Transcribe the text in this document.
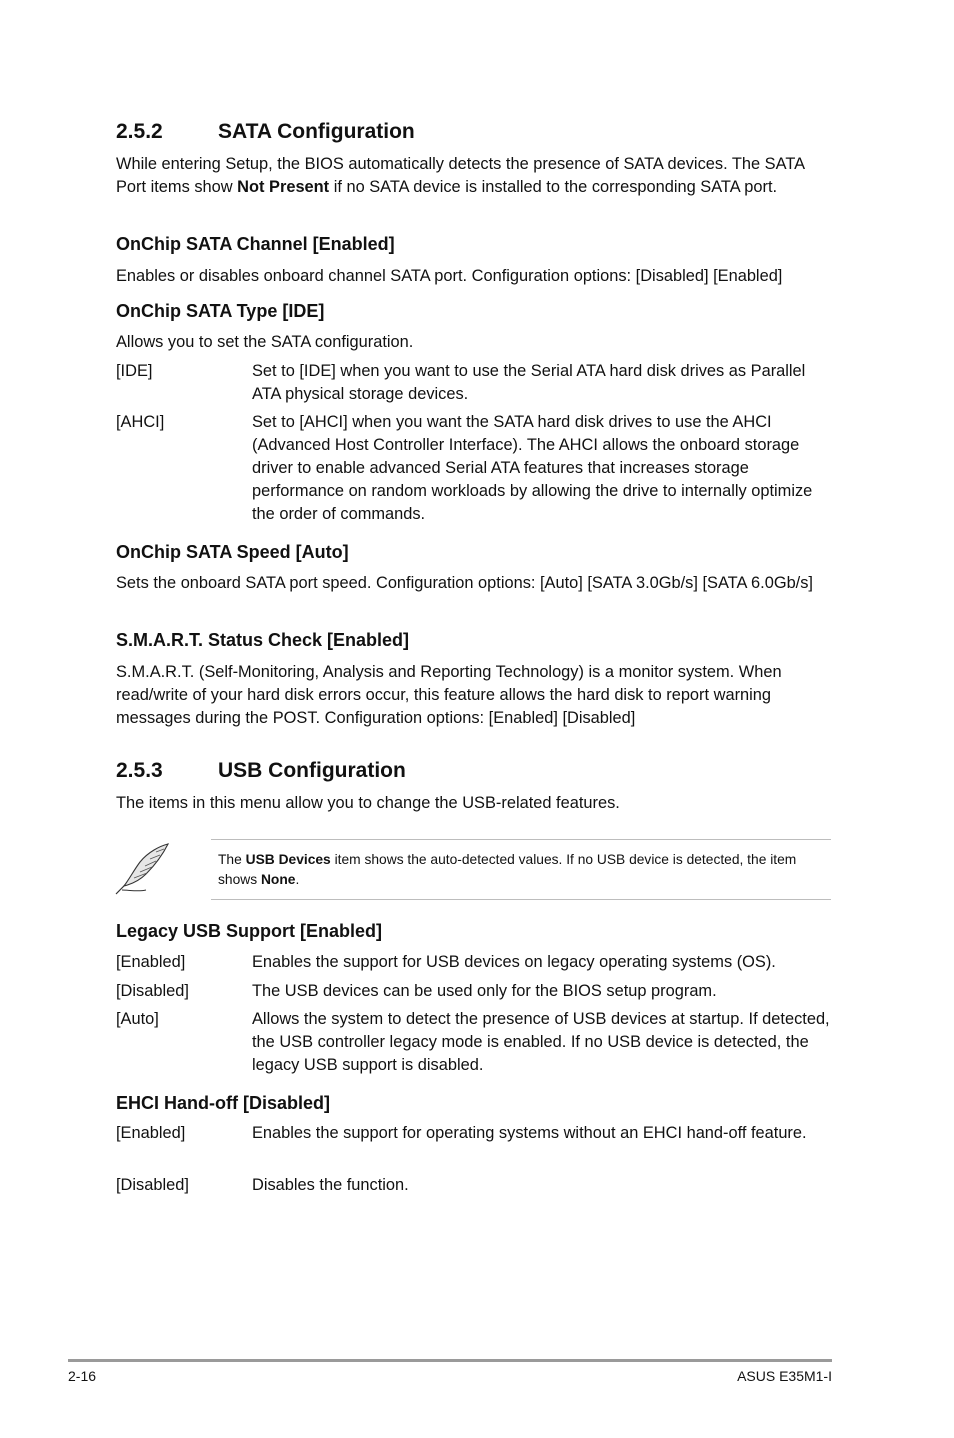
2.5.2	SATA Configuration

While entering Setup, the BIOS automatically detects the presence of SATA devices. The SATA Port items show Not Present if no SATA device is installed to the corresponding SATA port.

OnChip SATA Channel [Enabled]

Enables or disables onboard channel SATA port. Configuration options: [Disabled] [Enabled]

OnChip SATA Type [IDE]

Allows you to set the SATA configuration.

[IDE]	Set to [IDE] when you want to use the Serial ATA hard disk drives as Parallel ATA physical storage devices.

[AHCI]	Set to [AHCI] when you want the SATA hard disk drives to use the AHCI (Advanced Host Controller Interface). The AHCI allows the onboard storage driver to enable advanced Serial ATA features that increases storage performance on random workloads by allowing the drive to internally optimize the order of commands.

OnChip SATA Speed [Auto]

Sets the onboard SATA port speed. Configuration options: [Auto] [SATA 3.0Gb/s] [SATA 6.0Gb/s]

S.M.A.R.T. Status Check [Enabled]

S.M.A.R.T. (Self-Monitoring, Analysis and Reporting Technology) is a monitor system. When read/write of your hard disk errors occur, this feature allows the hard disk to report warning messages during the POST. Configuration options: [Enabled] [Disabled]

2.5.3	USB Configuration

The items in this menu allow you to change the USB-related features.

The USB Devices item shows the auto-detected values. If no USB device is detected, the item shows None.

Legacy USB Support [Enabled]
[Enabled]	Enables the support for USB devices on legacy operating systems (OS).

[Disabled]	The USB devices can be used only for the BIOS setup program.

[Auto]	Allows the system to detect the presence of USB devices at startup. If detected, the USB controller legacy mode is enabled. If no USB device is detected, the legacy USB support is disabled.

EHCI Hand-off [Disabled]
[Enabled]	Enables the support for operating systems without an EHCI hand-off feature.

[Disabled]	Disables the function.

2-16	ASUS E35M1-I
